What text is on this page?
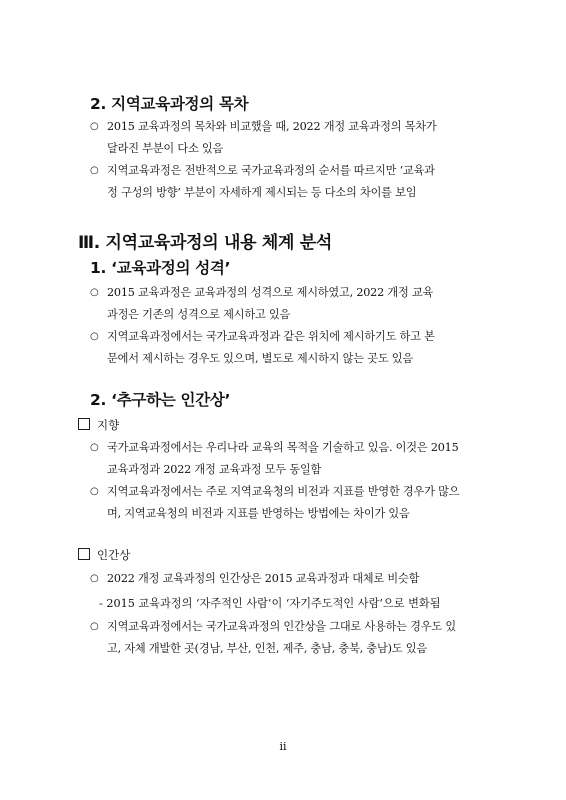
2. 지역교육과정의 목차
○ 2015 교육과정의 목차와 비교했을 때, 2022 개정 교육과정의 목차가
달라진 부분이 다소 있음
○ 지역교육과정은 전반적으로 국가교육과정의 순서를 따르지만 ‘교육과
정 구성의 방향’ 부분이 자세하게 제시되는 등 다소의 차이를 보임
Ⅲ. 지역교육과정의 내용 체계 분석
1. ‘교육과정의 성격’
○ 2015 교육과정은 교육과정의 성격으로 제시하였고, 2022 개정 교육
과정은 기존의 성격으로 제시하고 있음
○ 지역교육과정에서는 국가교육과정과 같은 위치에 제시하기도 하고 본
문에서 제시하는 경우도 있으며, 별도로 제시하지 않는 곳도 있음
2. ‘추구하는 인간상’
지향
○ 국가교육과정에서는 우리나라 교육의 목적을 기술하고 있음. 이것은 2015
교육과정과 2022 개정 교육과정 모두 동일함
○ 지역교육과정에서는 주로 지역교육청의 비전과 지표를 반영한 경우가 많으
며, 지역교육청의 비전과 지표를 반영하는 방법에는 차이가 있음
인간상
○ 2022 개정 교육과정의 인간상은 2015 교육과정과 대체로 비슷함
- 2015 교육과정의 ‘자주적인 사람’이 ‘자기주도적인 사람’으로 변화됨
○ 지역교육과정에서는 국가교육과정의 인간상을 그대로 사용하는 경우도 있
고, 자체 개발한 곳(경남, 부산, 인천, 제주, 충남, 충북, 충남)도 있음
ii
